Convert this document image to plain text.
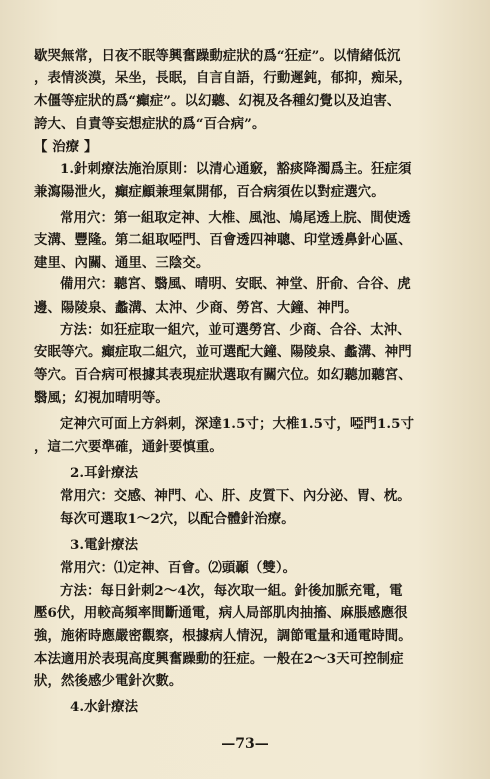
歇哭無常，日夜不眠等興奮躁動症狀的爲“狂症”。以情緒低沉
，表情淡漠，呆坐，長眠，自言自語，行動遲鈍，郁抑，痴呆，
木僵等症狀的爲“癲症”。以幻聽、幻視及各種幻覺以及迫害、
誇大、自責等妄想症狀的爲“百合病”。
【 治療 】
1.針刺療法施治原則：以清心通竅，豁痰降濁爲主。狂症須
兼瀉陽泄火，癲症顧兼理氣開郁，百合病須佐以對症選穴。
常用穴：第一組取定神、大椎、風池、鳩尾透上脘、間使透
支溝、豐隆。第二組取啞門、百會透四神聰、印堂透鼻針心區、
建里、內關、通里、三陰交。
備用穴：聽宮、翳風、晴明、安眠、神堂、肝俞、合谷、虎
邊、陽陵泉、蠡溝、太沖、少商、勞宮、大鐘、神門。
方法：如狂症取一組穴，並可選勞宮、少商、合谷、太沖、
安眠等穴。癲症取二組穴，並可選配大鐘、陽陵泉、蠡溝、神門
等穴。百合病可根據其表現症狀選取有關穴位。如幻聽加聽宮、
翳風；幻視加晴明等。
定神穴可面上方斜刺，深達1.5寸；大椎1.5寸，啞門1.5寸
，這二穴要準確，通針要慎重。
2.耳針療法
常用穴：交感、神門、心、肝、皮質下、內分泌、胃、枕。
每次可選取1～2穴，以配合體針治療。
3.電針療法
常用穴：⑴定神、百會。⑵頭顳（雙）。
方法：每日針刺2～4次，每次取一組。針後加脈充電，電
壓6伏，用較高頻率間斷通電，病人局部肌肉抽搐、麻脹感應很
強，施術時應嚴密觀察，根據病人情況，調節電量和通電時間。
本法適用於表現高度興奮躁動的狂症。一般在2～3天可控制症
狀，然後感少電針次數。
4.水針療法
—73—
